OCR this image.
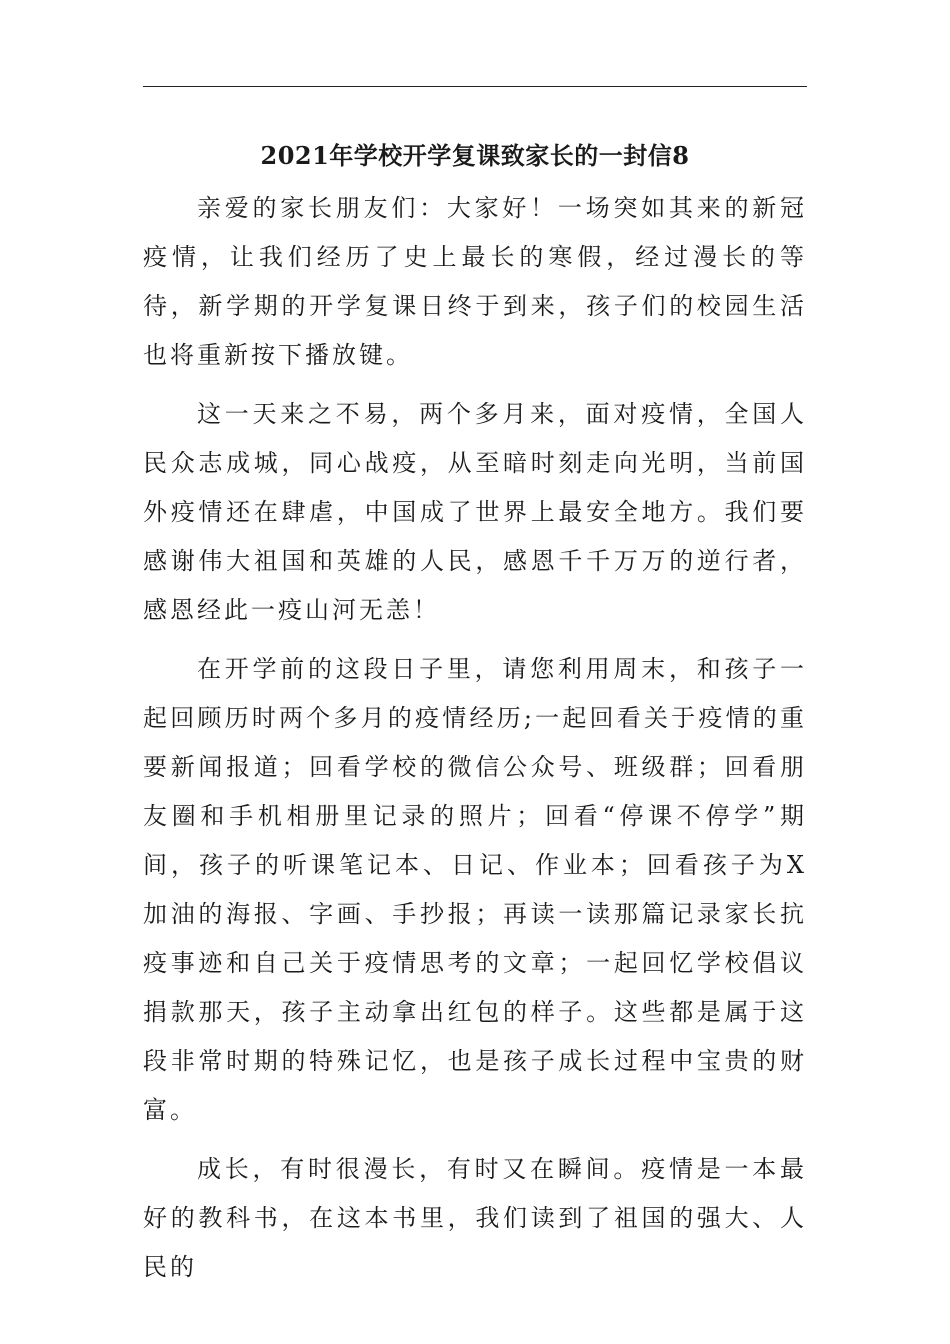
2021年学校开学复课致家长的一封信8

亲爱的家长朋友们：大家好！一场突如其来的新冠疫情，让我们经历了史上最长的寒假，经过漫长的等待，新学期的开学复课日终于到来，孩子们的校园生活也将重新按下播放键。

这一天来之不易，两个多月来，面对疫情，全国人民众志成城，同心战疫，从至暗时刻走向光明，当前国外疫情还在肆虐，中国成了世界上最安全地方。我们要感谢伟大祖国和英雄的人民，感恩千千万万的逆行者，感恩经此一疫山河无恙！

在开学前的这段日子里，请您利用周末，和孩子一起回顾历时两个多月的疫情经历;一起回看关于疫情的重要新闻报道；回看学校的微信公众号、班级群；回看朋友圈和手机相册里记录的照片；回看“停课不停学”期间，孩子的听课笔记本、日记、作业本；回看孩子为X加油的海报、字画、手抄报；再读一读那篇记录家长抗疫事迹和自己关于疫情思考的文章；一起回忆学校倡议捐款那天，孩子主动拿出红包的样子。这些都是属于这段非常时期的特殊记忆，也是孩子成长过程中宝贵的财富。

成长，有时很漫长，有时又在瞬间。疫情是一本最好的教科书，在这本书里，我们读到了祖国的强大、人民的
